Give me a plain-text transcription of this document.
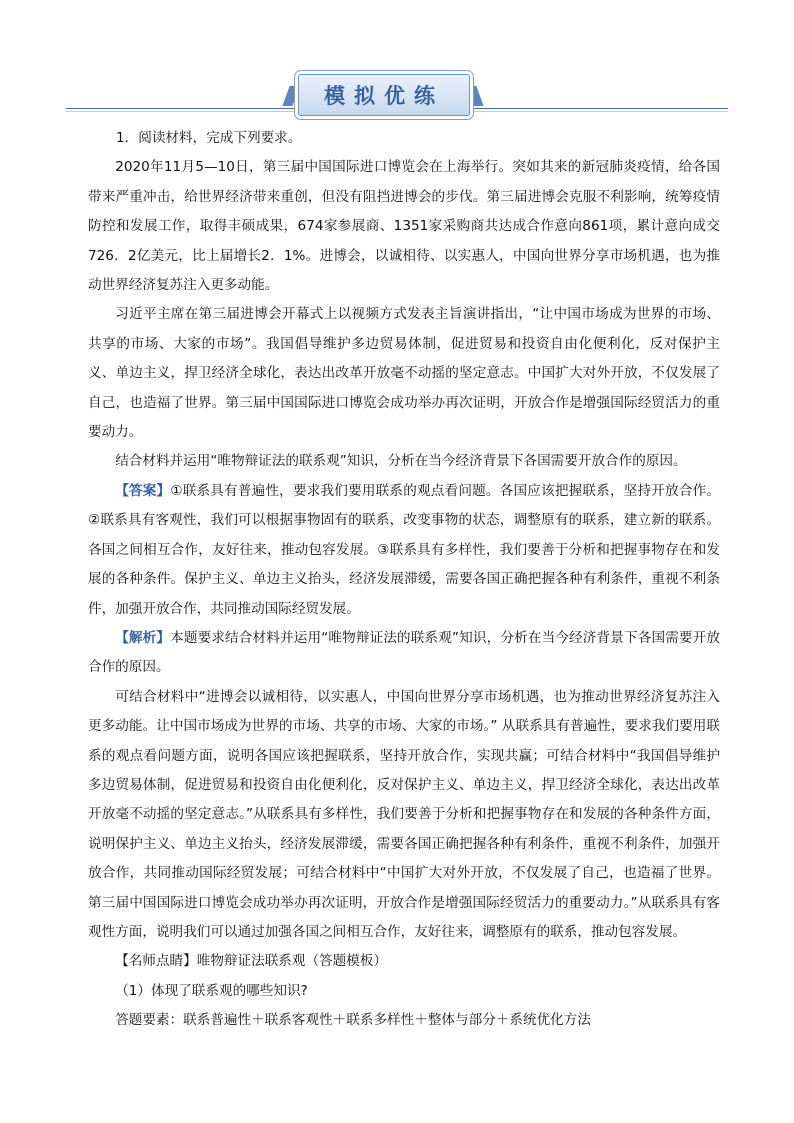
模拟优练

1．阅读材料，完成下列要求。

2020年11月5—10日，第三届中国国际进口博览会在上海举行。突如其来的新冠肺炎疫情，给各国带来严重冲击，给世界经济带来重创，但没有阻挡进博会的步伐。第三届进博会克服不利影响，统筹疫情防控和发展工作，取得丰硕成果，674家参展商、1351家采购商共达成合作意向861项，累计意向成交726．2亿美元，比上届增长2．1%。进博会，以诚相待、以实惠人，中国向世界分享市场机遇，也为推动世界经济复苏注入更多动能。

习近平主席在第三届进博会开幕式上以视频方式发表主旨演讲指出，“让中国市场成为世界的市场、共享的市场、大家的市场”。我国倡导维护多边贸易体制，促进贸易和投资自由化便利化，反对保护主义、单边主义，捍卫经济全球化，表达出改革开放毫不动摇的坚定意志。中国扩大对外开放，不仅发展了自己，也造福了世界。第三届中国国际进口博览会成功举办再次证明，开放合作是增强国际经贸活力的重要动力。

结合材料并运用“唯物辩证法的联系观”知识，分析在当今经济背景下各国需要开放合作的原因。

【答案】①联系具有普遍性，要求我们要用联系的观点看问题。各国应该把握联系，坚持开放合作。②联系具有客观性，我们可以根据事物固有的联系，改变事物的状态，调整原有的联系，建立新的联系。各国之间相互合作，友好往来，推动包容发展。③联系具有多样性，我们要善于分析和把握事物存在和发展的各种条件。保护主义、单边主义抬头，经济发展滞缓，需要各国正确把握各种有利条件，重视不利条件，加强开放合作，共同推动国际经贸发展。

【解析】本题要求结合材料并运用“唯物辩证法的联系观”知识，分析在当今经济背景下各国需要开放合作的原因。

可结合材料中“进博会以诚相待，以实惠人，中国向世界分享市场机遇，也为推动世界经济复苏注入更多动能。让中国市场成为世界的市场、共享的市场、大家的市场。” 从联系具有普遍性，要求我们要用联系的观点看问题方面，说明各国应该把握联系，坚持开放合作，实现共赢；可结合材料中“我国倡导维护多边贸易体制，促进贸易和投资自由化便利化，反对保护主义、单边主义，捍卫经济全球化，表达出改革开放毫不动摇的坚定意志。”从联系具有多样性，我们要善于分析和把握事物存在和发展的各种条件方面，说明保护主义、单边主义抬头，经济发展滞缓，需要各国正确把握各种有利条件，重视不利条件，加强开放合作，共同推动国际经贸发展；可结合材料中“中国扩大对外开放，不仅发展了自己，也造福了世界。第三届中国国际进口博览会成功举办再次证明，开放合作是增强国际经贸活力的重要动力。”从联系具有客观性方面，说明我们可以通过加强各国之间相互合作，友好往来，调整原有的联系，推动包容发展。

【名师点睛】唯物辩证法联系观（答题模板）

（1）体现了联系观的哪些知识?

答题要素：联系普遍性＋联系客观性＋联系多样性＋整体与部分＋系统优化方法
